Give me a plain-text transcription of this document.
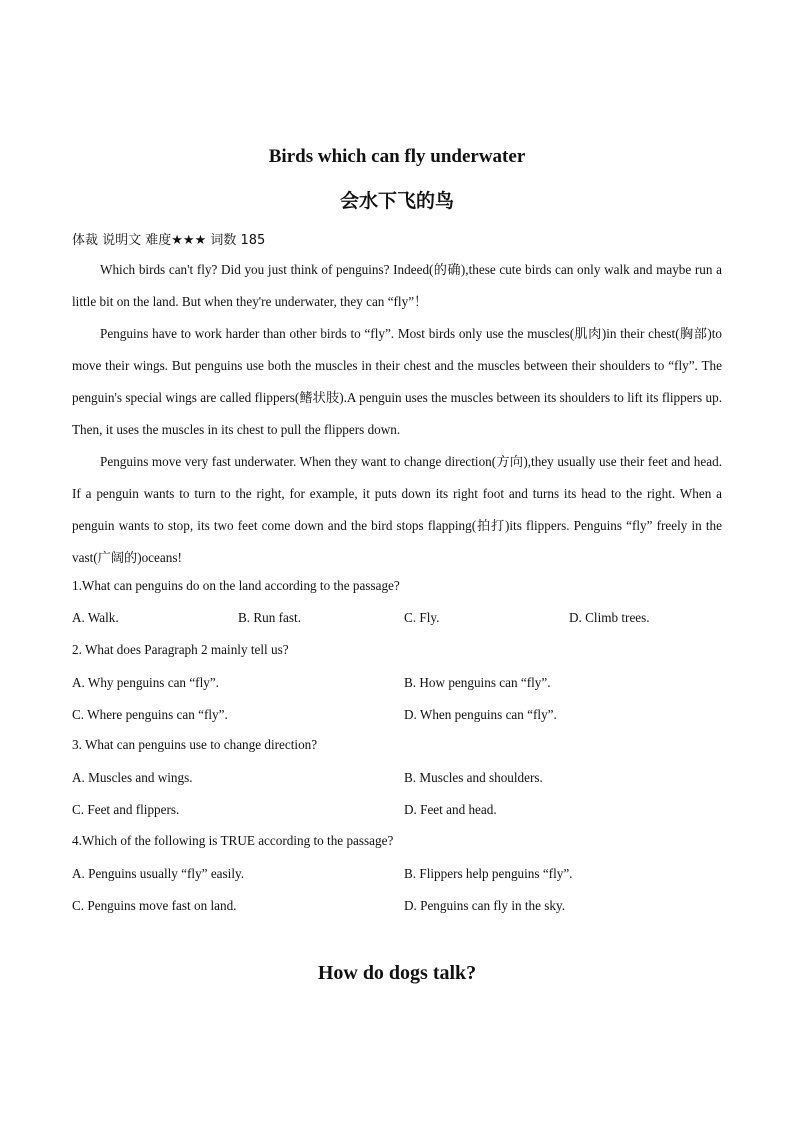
Birds which can fly underwater
会水下飞的鸟
体裁 说明文 难度★★★ 词数 185

Which birds can't fly? Did you just think of penguins? Indeed(的确),these cute birds can only walk and maybe run a little bit on the land. But when they're underwater, they can “fly”！

Penguins have to work harder than other birds to “fly”. Most birds only use the muscles(肌肉)in their chest(胸部)to move their wings. But penguins use both the muscles in their chest and the muscles between their shoulders to “fly”. The penguin's special wings are called flippers(鳍状肢).A penguin uses the muscles between its shoulders to lift its flippers up. Then, it uses the muscles in its chest to pull the flippers down.

Penguins move very fast underwater. When they want to change direction(方向),they usually use their feet and head. If a penguin wants to turn to the right, for example, it puts down its right foot and turns its head to the right. When a penguin wants to stop, its two feet come down and the bird stops flapping(拍打)its flippers. Penguins “fly” freely in the vast(广阔的)oceans!

1.What can penguins do on the land according to the passage?
A. Walk.	B. Run fast.	C. Fly.	D. Climb trees.
2. What does Paragraph 2 mainly tell us?
A. Why penguins can “fly”.	B. How penguins can “fly”.
C. Where penguins can “fly”.	D. When penguins can “fly”.
3. What can penguins use to change direction?
A. Muscles and wings.	B. Muscles and shoulders.
C. Feet and flippers.	D. Feet and head.
4.Which of the following is TRUE according to the passage?
A. Penguins usually “fly” easily.	B. Flippers help penguins “fly”.
C. Penguins move fast on land.	D. Penguins can fly in the sky.
How do dogs talk?
